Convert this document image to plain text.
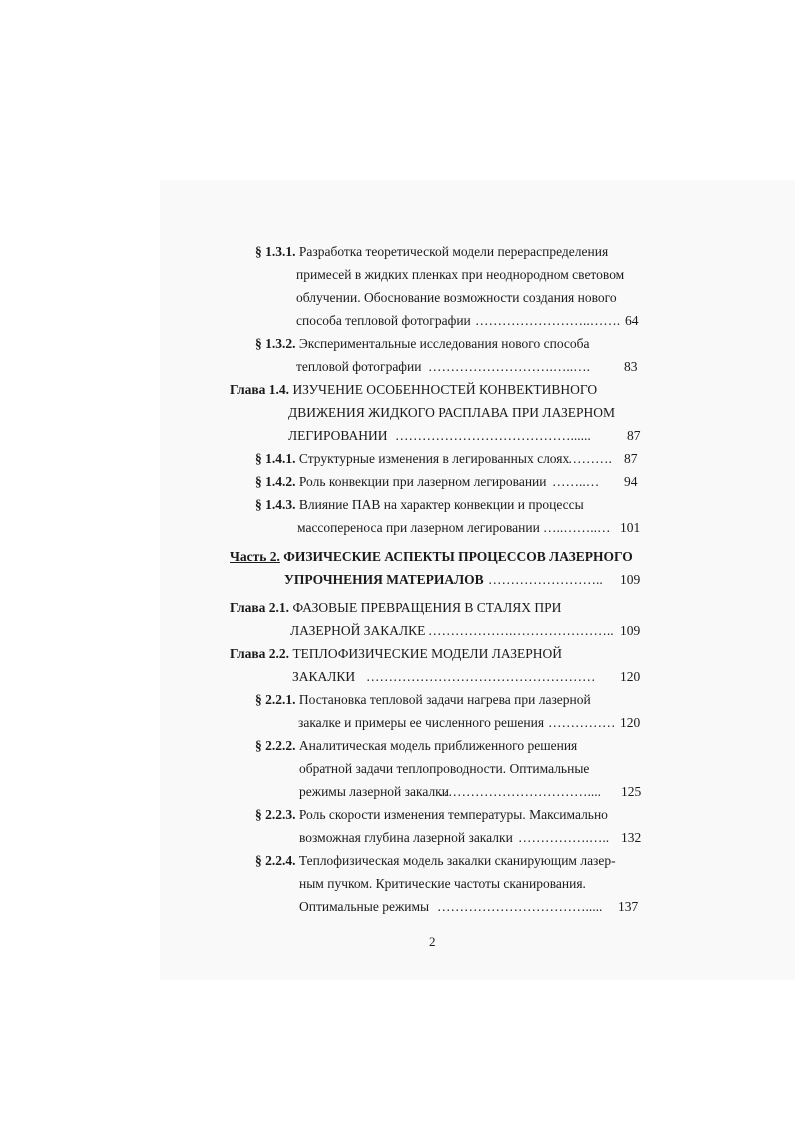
§ 1.3.1. Разработка теоретической модели перераспределения
примесей в жидких пленках при неоднородном световом
облучении. Обоснование возможности создания нового
способа тепловой фотографии ……………………..……. 64
§ 1.3.2. Экспериментальные исследования нового способа
тепловой фотографии ……………………….…..….	83
Глава 1.4. ИЗУЧЕНИЕ ОСОБЕННОСТЕЙ КОНВЕКТИВНОГО
ДВИЖЕНИЯ ЖИДКОГО РАСПЛАВА ПРИ ЛАЗЕРНОМ
ЛЕГИРОВАНИИ …………………………………......	87
§ 1.4.1. Структурные изменения в легированных слоях
………. 87
§ 1.4.2. Роль конвекции при лазерном легировании ……..… 94
§ 1.4.3. Влияние ПАВ на характер конвекции и процессы
массопереноса при лазерном легировании …..……..… 101
Часть 2. ФИЗИЧЕСКИЕ АСПЕКТЫ ПРОЦЕССОВ ЛАЗЕРНОГО
УПРОЧНЕНИЯ МАТЕРИАЛОВ …………………….. 109
Глава 2.1. ФАЗОВЫЕ ПРЕВРАЩЕНИЯ В СТАЛЯХ ПРИ
ЛАЗЕРНОЙ ЗАКАЛКЕ ……………….………………….. 109
Глава 2.2. ТЕПЛОФИЗИЧЕСКИЕ МОДЕЛИ ЛАЗЕРНОЙ
ЗАКАЛКИ …………………………………………… 120
§ 2.2.1. Постановка тепловой задачи нагрева при лазерной
закалке и примеры ее численного решения …………… 120
§ 2.2.2. Аналитическая модель приближенного решения
обратной задачи теплопроводности. Оптимальные
режимы лазерной закалки
…………………………….... 125
§ 2.2.3. Роль скорости изменения температуры. Максимально
возможная глубина лазерной закалки …………….….. 132
§ 2.2.4. Теплофизическая модель закалки сканирующим лазер-
ным пучком. Критические частоты сканирования.
Оптимальные режимы ……………………………..... 137
2
